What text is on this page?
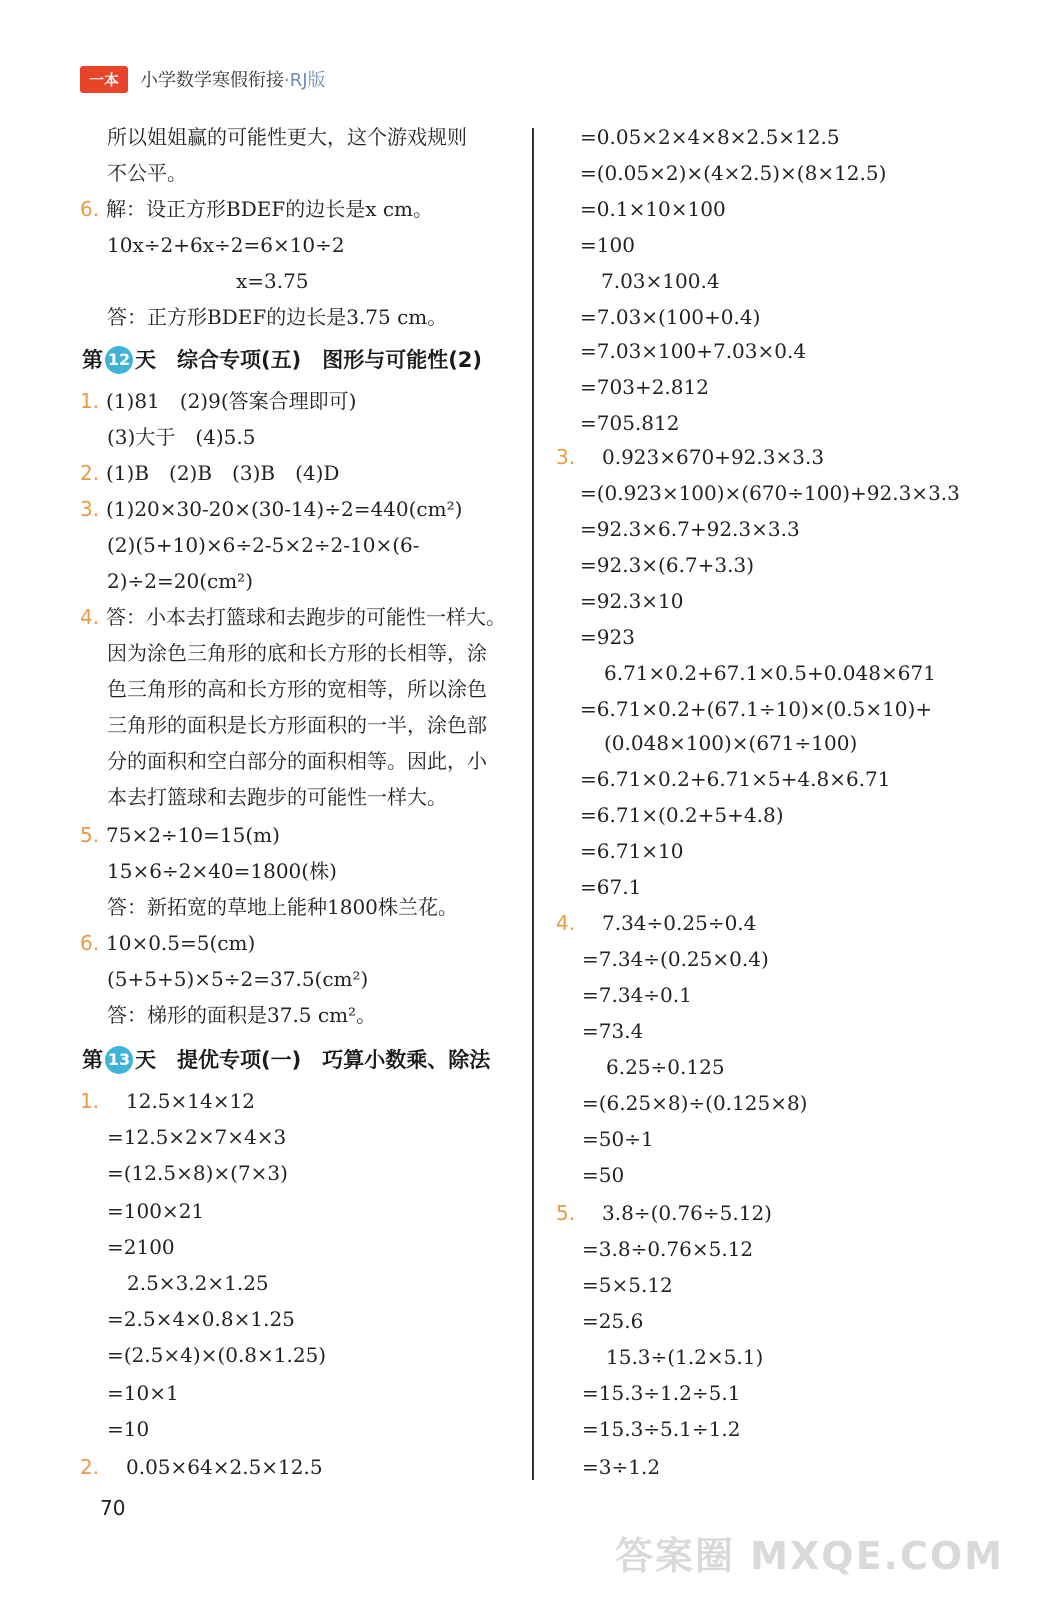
一本	小学数学寒假衔接 ·RJ版
所以姐姐赢的可能性更大，这个游戏规则
不公平。
6. 解：设正方形BDEF的边长是x cm。
10x÷2+6x÷2=6×10÷2
x=3.75
答：正方形BDEF的边长是3.75 cm。
第 12 天　综合专项(五)　图形与可能性(2)
1. (1)81　(2)9(答案合理即可)
(3)大于　(4)5.5
2. (1)B　(2)B　(3)B　(4)D
3. (1)20×30-20×(30-14)÷2=440(cm²)
(2)(5+10)×6÷2-5×2÷2-10×(6-
2)÷2=20(cm²)
4. 答：小本去打篮球和去跑步的可能性一样大。
因为涂色三角形的底和长方形的长相等，涂
色三角形的高和长方形的宽相等，所以涂色
三角形的面积是长方形面积的一半，涂色部
分的面积和空白部分的面积相等。因此，小
本去打篮球和去跑步的可能性一样大。
5. 75×2÷10=15(m)
15×6÷2×40=1800(株)
答：新拓宽的草地上能种1800株兰花。
6. 10×0.5=5(cm)
(5+5+5)×5÷2=37.5(cm²)
答：梯形的面积是37.5 cm²。
第 13 天　提优专项(一)　巧算小数乘、除法
1.　12.5×14×12
=12.5×2×7×4×3
=(12.5×8)×(7×3)
=100×21
=2100
2.5×3.2×1.25
=2.5×4×0.8×1.25
=(2.5×4)×(0.8×1.25)
=10×1
=10
2.　0.05×64×2.5×12.5
=0.05×2×4×8×2.5×12.5
=(0.05×2)×(4×2.5)×(8×12.5)
=0.1×10×100
=100
7.03×100.4
=7.03×(100+0.4)
=7.03×100+7.03×0.4
=703+2.812
=705.812
3.　0.923×670+92.3×3.3
=(0.923×100)×(670÷100)+92.3×3.3
=92.3×6.7+92.3×3.3
=92.3×(6.7+3.3)
=92.3×10
=923
6.71×0.2+67.1×0.5+0.048×671
=6.71×0.2+(67.1÷10)×(0.5×10)+
(0.048×100)×(671÷100)
=6.71×0.2+6.71×5+4.8×6.71
=6.71×(0.2+5+4.8)
=6.71×10
=67.1
4.　7.34÷0.25÷0.4
=7.34÷(0.25×0.4)
=7.34÷0.1
=73.4
6.25÷0.125
=(6.25×8)÷(0.125×8)
=50÷1
=50
5.　3.8÷(0.76÷5.12)
=3.8÷0.76×5.12
=5×5.12
=25.6
15.3÷(1.2×5.1)
=15.3÷1.2÷5.1
=15.3÷5.1÷1.2
=3÷1.2
70
答案圈 MXQE.COM
